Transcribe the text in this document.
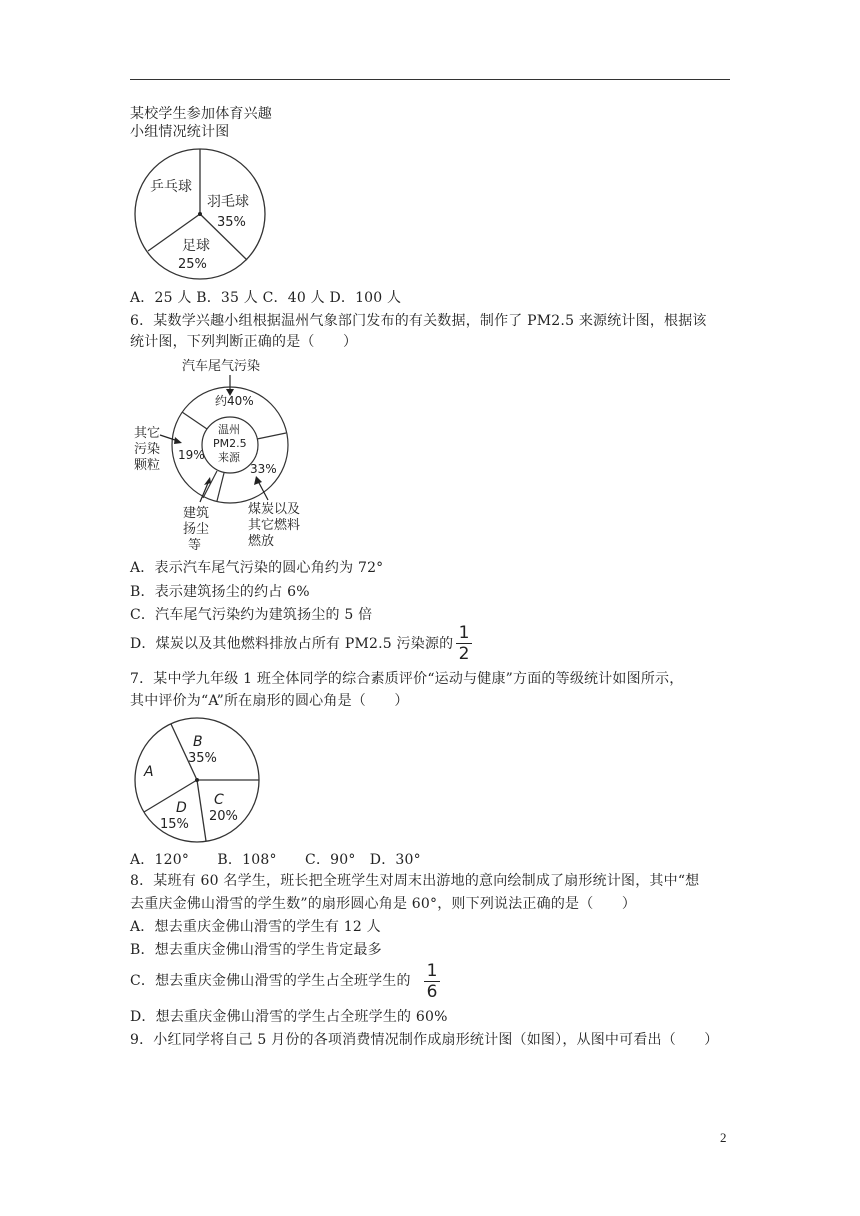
某校学生参加体育兴趣
小组情况统计图
乒乓球
羽毛球
35%
足球
25%
A．25 人 B．35 人 C．40 人 D．100 人
6．某数学兴趣小组根据温州气象部门发布的有关数据，制作了 PM2.5 来源统计图，根据该
统计图，下列判断正确的是（　　）
汽车尾气污染
约40%
温州
PM2.5
来源
19%
33%
其它
污染
颗粒
建筑
扬尘
等
煤炭以及
其它燃料
燃放
A．表示汽车尾气污染的圆心角约为 72°
B．表示建筑扬尘的约占 6%
C．汽车尾气污染约为建筑扬尘的 5 倍
D．煤炭以及其他燃料排放占所有 PM2.5 污染源的
1
2
7．某中学九年级 1 班全体同学的综合素质评价“运动与健康”方面的等级统计如图所示，
其中评价为“A”所在扇形的圆心角是（　　）
A
B
35%
C
20%
D
15%
A．120°　　B．108°　　C．90°　D．30°
8．某班有 60 名学生，班长把全班学生对周末出游地的意向绘制成了扇形统计图，其中“想
去重庆金佛山滑雪的学生数”的扇形圆心角是 60°，则下列说法正确的是（　　）
A．想去重庆金佛山滑雪的学生有 12 人
B．想去重庆金佛山滑雪的学生肯定最多
C．想去重庆金佛山滑雪的学生占全班学生的 1
6
D．想去重庆金佛山滑雪的学生占全班学生的 60%
9．小红同学将自己 5 月份的各项消费情况制作成扇形统计图（如图），从图中可看出（　　）
2
